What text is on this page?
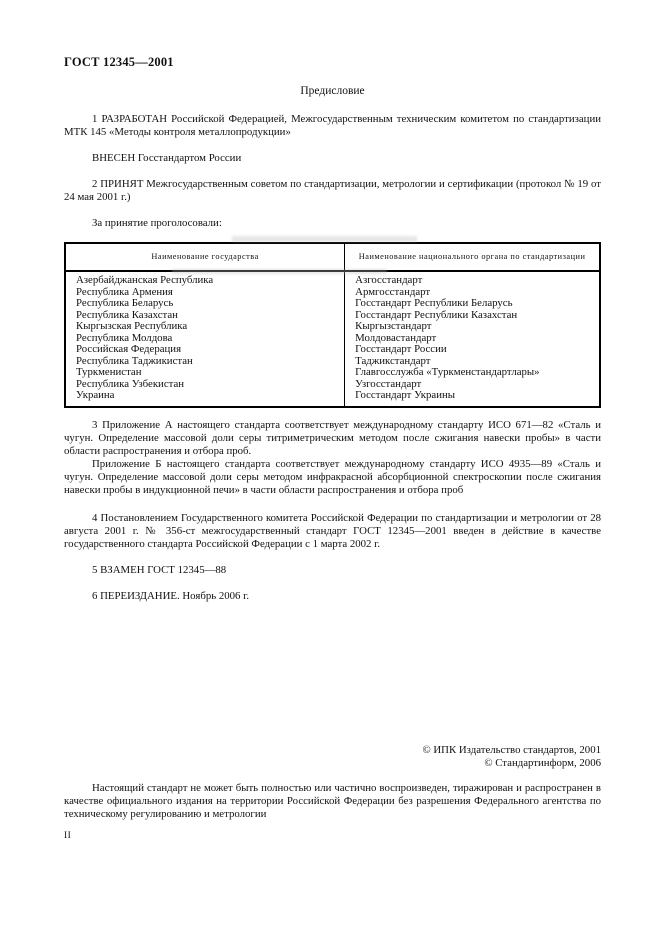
ГОСТ 12345—2001
Предисловие

1 РАЗРАБОТАН Российской Федерацией, Межгосударственным техническим комитетом по стандартизации МТК 145 «Методы контроля металлопродукции»

ВНЕСЕН Госстандартом России

2 ПРИНЯТ Межгосударственным советом по стандартизации, метрологии и сертификации (протокол № 19 от 24 мая 2001 г.)

За принятие проголосовали:

Наименование государства	Наименование национального органа по стандартизации
Азербайджанская Республика	Азгосстандарт
Республика Армения	Армгосстандарт
Республика Беларусь	Госстандарт Республики Беларусь
Республика Казахстан	Госстандарт Республики Казахстан
Кыргызская Республика	Кыргызстандарт
Республика Молдова	Молдовастандарт
Российская Федерация	Госстандарт России
Республика Таджикистан	Таджикстандарт
Туркменистан	Главгосслужба «Туркменстандартлары»
Республика Узбекистан	Узгосстандарт
Украина	Госстандарт Украины

3 Приложение А настоящего стандарта соответствует международному стандарту ИСО 671—82 «Сталь и чугун. Определение массовой доли серы титриметрическим методом после сжигания навески пробы» в части области распространения и отбора проб.

Приложение Б настоящего стандарта соответствует международному стандарту ИСО 4935—89 «Сталь и чугун. Определение массовой доли серы методом инфракрасной абсорбционной спектроскопии после сжигания навески пробы в индукционной печи» в части области распространения и отбора проб

4 Постановлением Государственного комитета Российской Федерации по стандартизации и метрологии от 28 августа 2001 г. № 356-ст межгосударственный стандарт ГОСТ 12345—2001 введен в действие в качестве государственного стандарта Российской Федерации с 1 марта 2002 г.

5 ВЗАМЕН ГОСТ 12345—88

6 ПЕРЕИЗДАНИЕ. Ноябрь 2006 г.

© ИПК Издательство стандартов, 2001
© Стандартинформ, 2006

Настоящий стандарт не может быть полностью или частично воспроизведен, тиражирован и распространен в качестве официального издания на территории Российской Федерации без разрешения Федерального агентства по техническому регулированию и метрологии

II
